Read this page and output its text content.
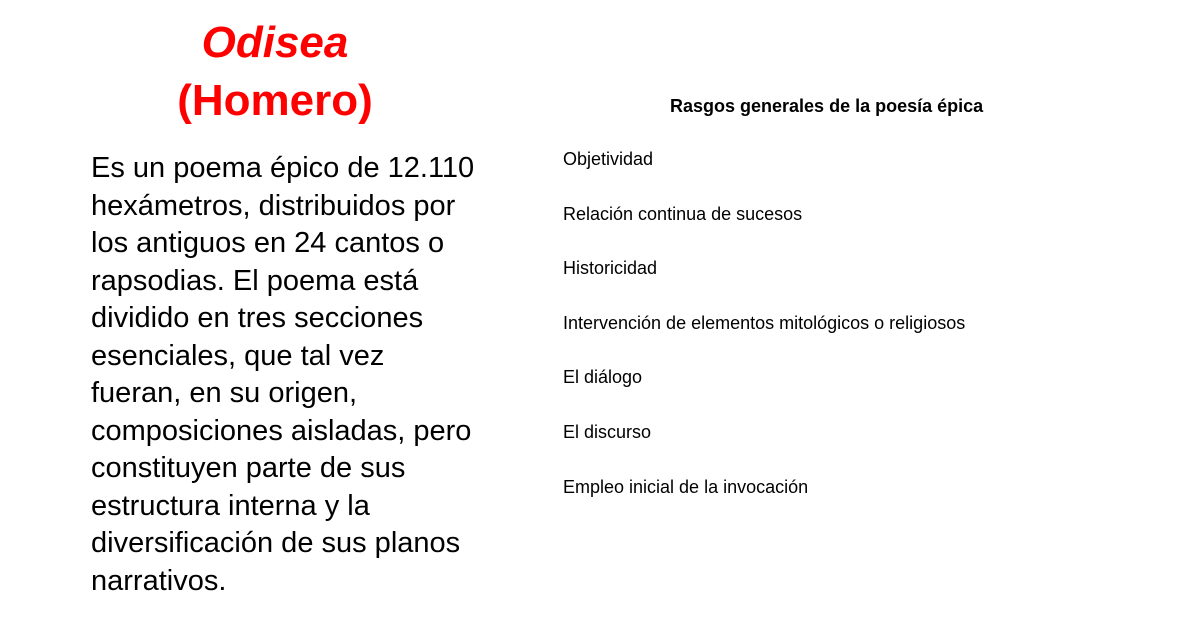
Odisea
(Homero)

Es un poema épico de 12.110 hexámetros, distribuidos por los antiguos en 24 cantos o rapsodias. El poema está dividido en tres secciones esenciales, que tal vez fueran, en su origen, composiciones aisladas, pero constituyen parte de sus estructura interna y la diversificación de sus planos narrativos.

Rasgos generales de la poesía épica
Objetividad
Relación continua de sucesos
Historicidad
Intervención de elementos mitológicos o religiosos
El diálogo
El discurso
Empleo inicial de la invocación
